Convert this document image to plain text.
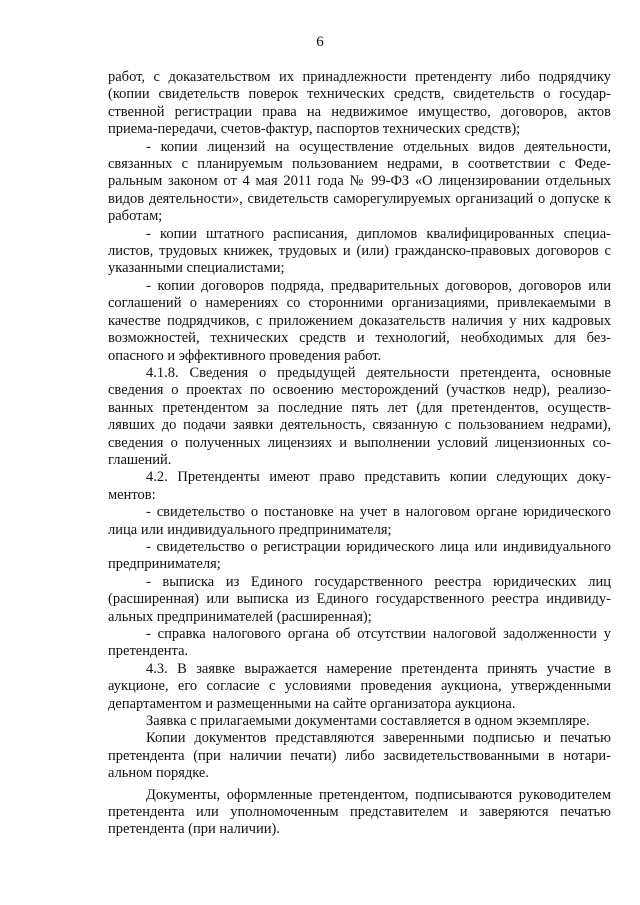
6

работ, с доказательством их принадлежности претенденту либо подрядчику (копии свидетельств поверок технических средств, свидетельств о государственной регистрации права на недвижимое имущество, договоров, актов приема-передачи, счетов-фактур, паспортов технических средств);

- копии лицензий на осуществление отдельных видов деятельности, связанных с планируемым пользованием недрами, в соответствии с Федеральным законом от 4 мая 2011 года № 99-ФЗ «О лицензировании отдельных видов деятельности», свидетельств саморегулируемых организаций о допуске к работам;

- копии штатного расписания, дипломов квалифицированных специалистов, трудовых книжек, трудовых и (или) гражданско-правовых договоров с указанными специалистами;

- копии договоров подряда, предварительных договоров, договоров или соглашений о намерениях со сторонними организациями, привлекаемыми в качестве подрядчиков, с приложением доказательств наличия у них кадровых возможностей, технических средств и технологий, необходимых для безопасного и эффективного проведения работ.

4.1.8. Сведения о предыдущей деятельности претендента, основные сведения о проектах по освоению месторождений (участков недр), реализованных претендентом за последние пять лет (для претендентов, осуществлявших до подачи заявки деятельность, связанную с пользованием недрами), сведения о полученных лицензиях и выполнении условий лицензионных соглашений.

4.2. Претенденты имеют право представить копии следующих документов:

- свидетельство о постановке на учет в налоговом органе юридического лица или индивидуального предпринимателя;

- свидетельство о регистрации юридического лица или индивидуального предпринимателя;

- выписка из Единого государственного реестра юридических лиц (расширенная) или выписка из Единого государственного реестра индивидуальных предпринимателей (расширенная);

- справка налогового органа об отсутствии налоговой задолженности у претендента.

4.3. В заявке выражается намерение претендента принять участие в аукционе, его согласие с условиями проведения аукциона, утвержденными департаментом и размещенными на сайте организатора аукциона.

Заявка с прилагаемыми документами составляется в одном экземпляре.

Копии документов представляются заверенными подписью и печатью претендента (при наличии печати) либо засвидетельствованными в нотариальном порядке.

Документы, оформленные претендентом, подписываются руководителем претендента или уполномоченным представителем и заверяются печатью претендента (при наличии).
